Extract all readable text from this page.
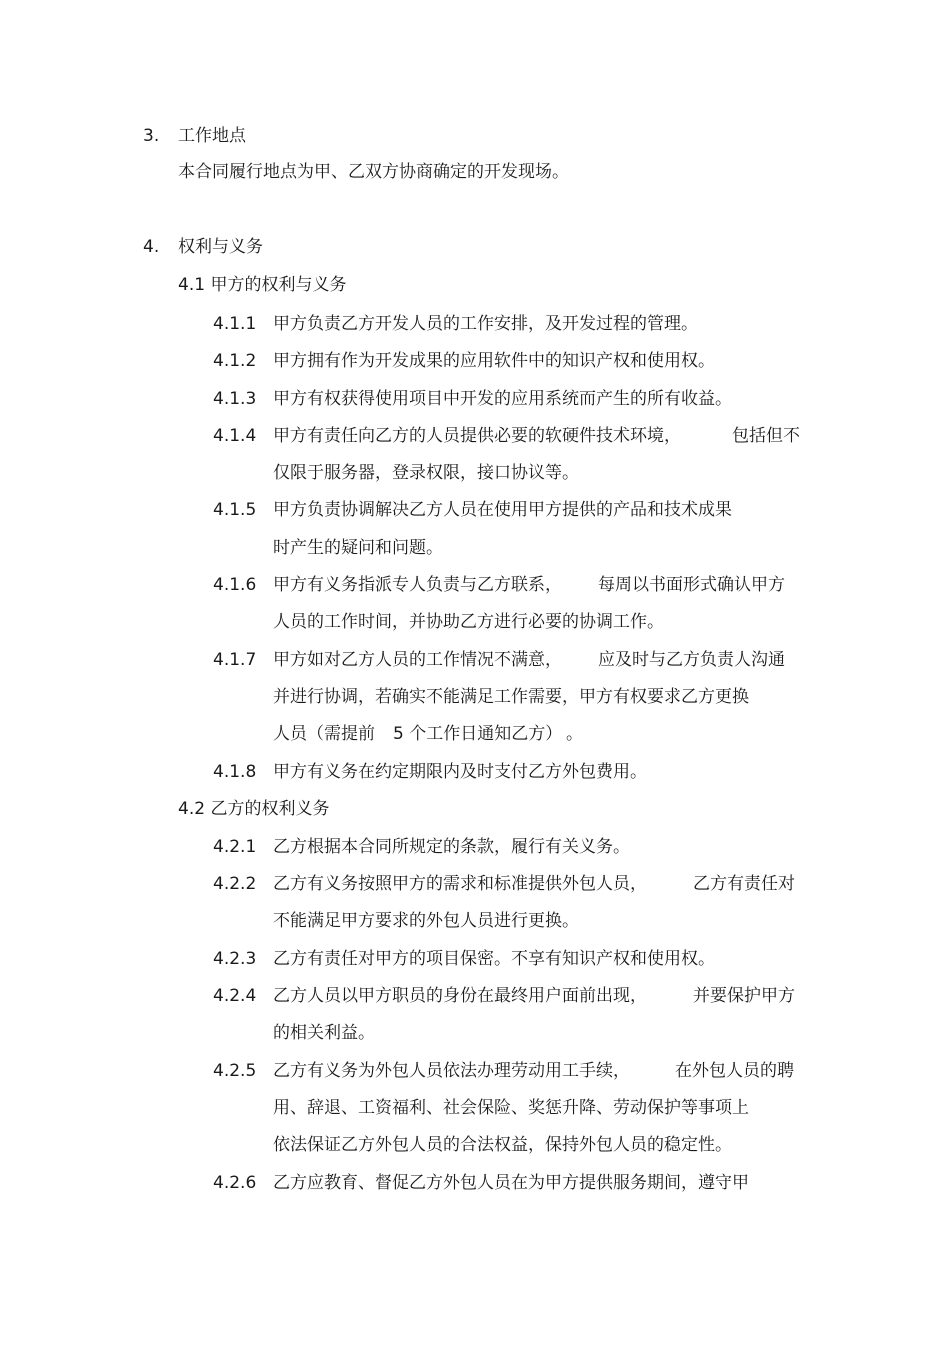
3. 工作地点
本合同履行地点为甲、乙双方协商确定的开发现场。
4. 权利与义务
4.1 甲方的权利与义务
4.1.1 甲方负责乙方开发人员的工作安排，及开发过程的管理。
4.1.2 甲方拥有作为开发成果的应用软件中的知识产权和使用权。
4.1.3 甲方有权获得使用项目中开发的应用系统而产生的所有收益。
4.1.4 甲方有责任向乙方的人员提供必要的软硬件技术环境，	包括但不
仅限于服务器，登录权限，接口协议等。
4.1.5 甲方负责协调解决乙方人员在使用甲方提供的产品和技术成果
时产生的疑问和问题。
4.1.6 甲方有义务指派专人负责与乙方联系， 每周以书面形式确认甲方
人员的工作时间，并协助乙方进行必要的协调工作。
4.1.7 甲方如对乙方人员的工作情况不满意， 应及时与乙方负责人沟通
并进行协调，若确实不能满足工作需要，甲方有权要求乙方更换
人员（需提前 5 个工作日通知乙方） 。
4.1.8 甲方有义务在约定期限内及时支付乙方外包费用。
4.2 乙方的权利义务
4.2.1 乙方根据本合同所规定的条款，履行有关义务。
4.2.2 乙方有义务按照甲方的需求和标准提供外包人员，	乙方有责任对
不能满足甲方要求的外包人员进行更换。
4.2.3 乙方有责任对甲方的项目保密。不享有知识产权和使用权。
4.2.4 乙方人员以甲方职员的身份在最终用户面前出现，	并要保护甲方
的相关利益。
4.2.5 乙方有义务为外包人员依法办理劳动用工手续，	在外包人员的聘
用、辞退、工资福利、社会保险、奖惩升降、劳动保护等事项上
依法保证乙方外包人员的合法权益，保持外包人员的稳定性。
4.2.6 乙方应教育、督促乙方外包人员在为甲方提供服务期间，遵守甲
